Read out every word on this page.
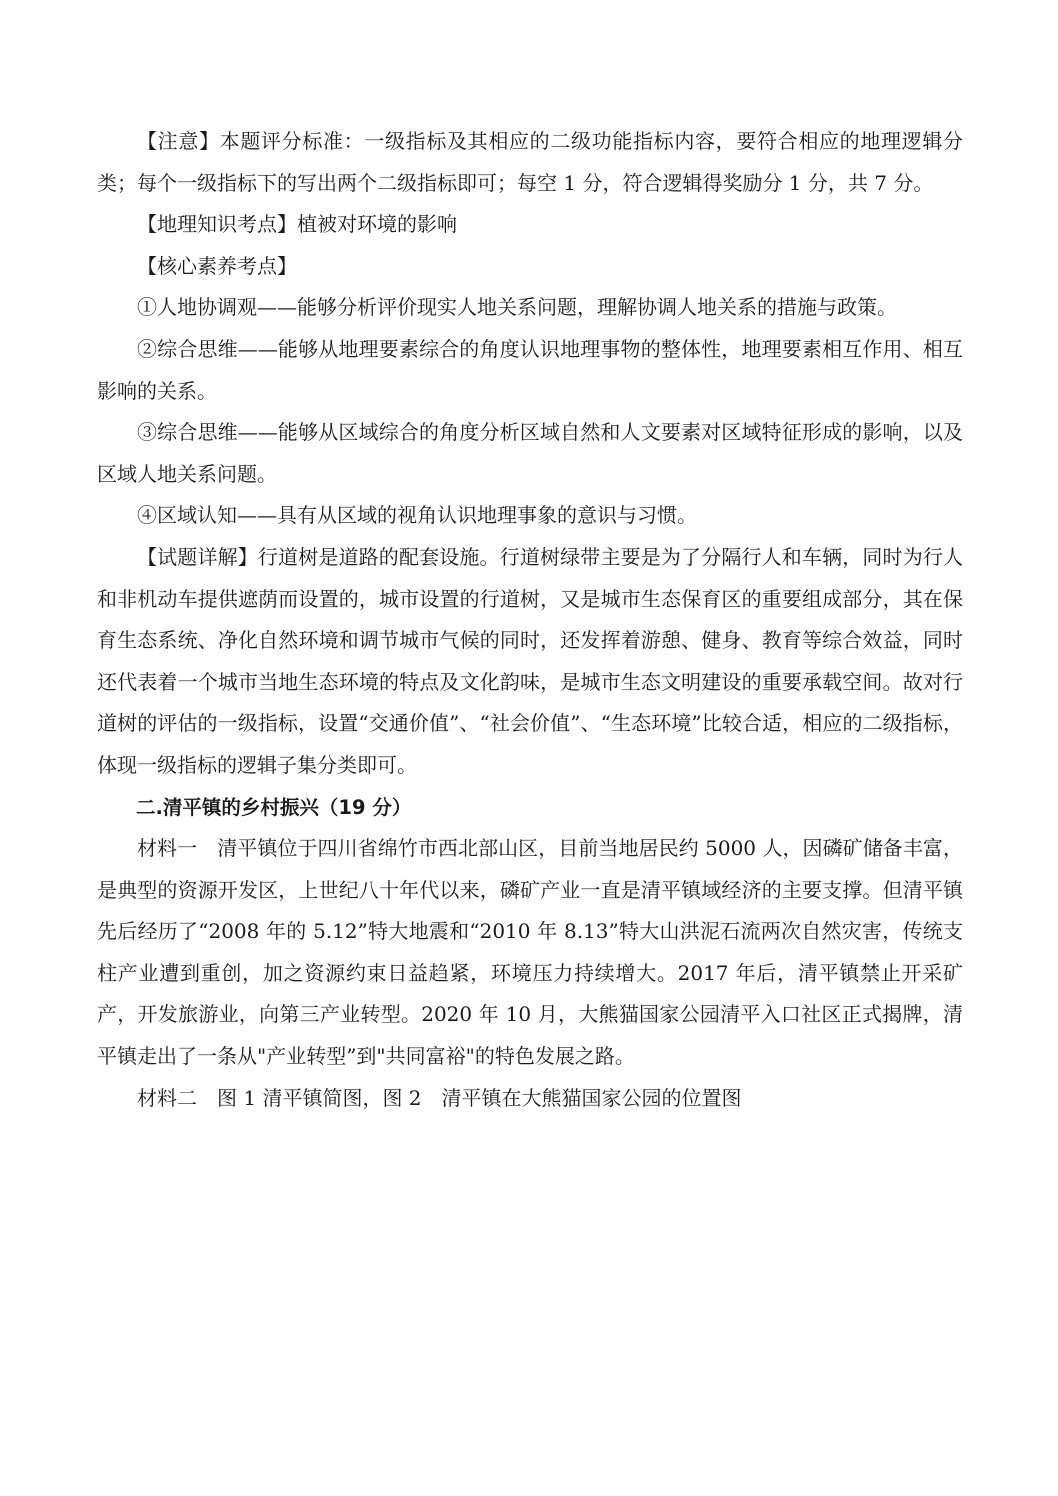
【注意】本题评分标准：一级指标及其相应的二级功能指标内容，要符合相应的地理逻辑分类；每个一级指标下的写出两个二级指标即可；每空 1 分，符合逻辑得奖励分 1 分，共 7 分。

【地理知识考点】植被对环境的影响

【核心素养考点】

①人地协调观——能够分析评价现实人地关系问题，理解协调人地关系的措施与政策。

②综合思维——能够从地理要素综合的角度认识地理事物的整体性，地理要素相互作用、相互影响的关系。

③综合思维——能够从区域综合的角度分析区域自然和人文要素对区域特征形成的影响，以及区域人地关系问题。

④区域认知——具有从区域的视角认识地理事象的意识与习惯。

【试题详解】行道树是道路的配套设施。行道树绿带主要是为了分隔行人和车辆，同时为行人和非机动车提供遮荫而设置的，城市设置的行道树，又是城市生态保育区的重要组成部分，其在保育生态系统、净化自然环境和调节城市气候的同时，还发挥着游憩、健身、教育等综合效益，同时还代表着一个城市当地生态环境的特点及文化韵味，是城市生态文明建设的重要承载空间。故对行道树的评估的一级指标，设置“交通价值”、“社会价值”、“生态环境”比较合适，相应的二级指标，体现一级指标的逻辑子集分类即可。

二.清平镇的乡村振兴（19 分）

材料一　清平镇位于四川省绵竹市西北部山区，目前当地居民约 5000 人，因磷矿储备丰富，是典型的资源开发区，上世纪八十年代以来，磷矿产业一直是清平镇域经济的主要支撑。但清平镇先后经历了“2008 年的 5.12”特大地震和“2010 年 8.13”特大山洪泥石流两次自然灾害，传统支柱产业遭到重创，加之资源约束日益趋紧，环境压力持续增大。2017 年后，清平镇禁止开采矿产，开发旅游业，向第三产业转型。2020 年 10 月，大熊猫国家公园清平入口社区正式揭牌，清平镇走出了一条从"产业转型”到"共同富裕"的特色发展之路。

材料二　图 1 清平镇简图，图 2　清平镇在大熊猫国家公园的位置图
